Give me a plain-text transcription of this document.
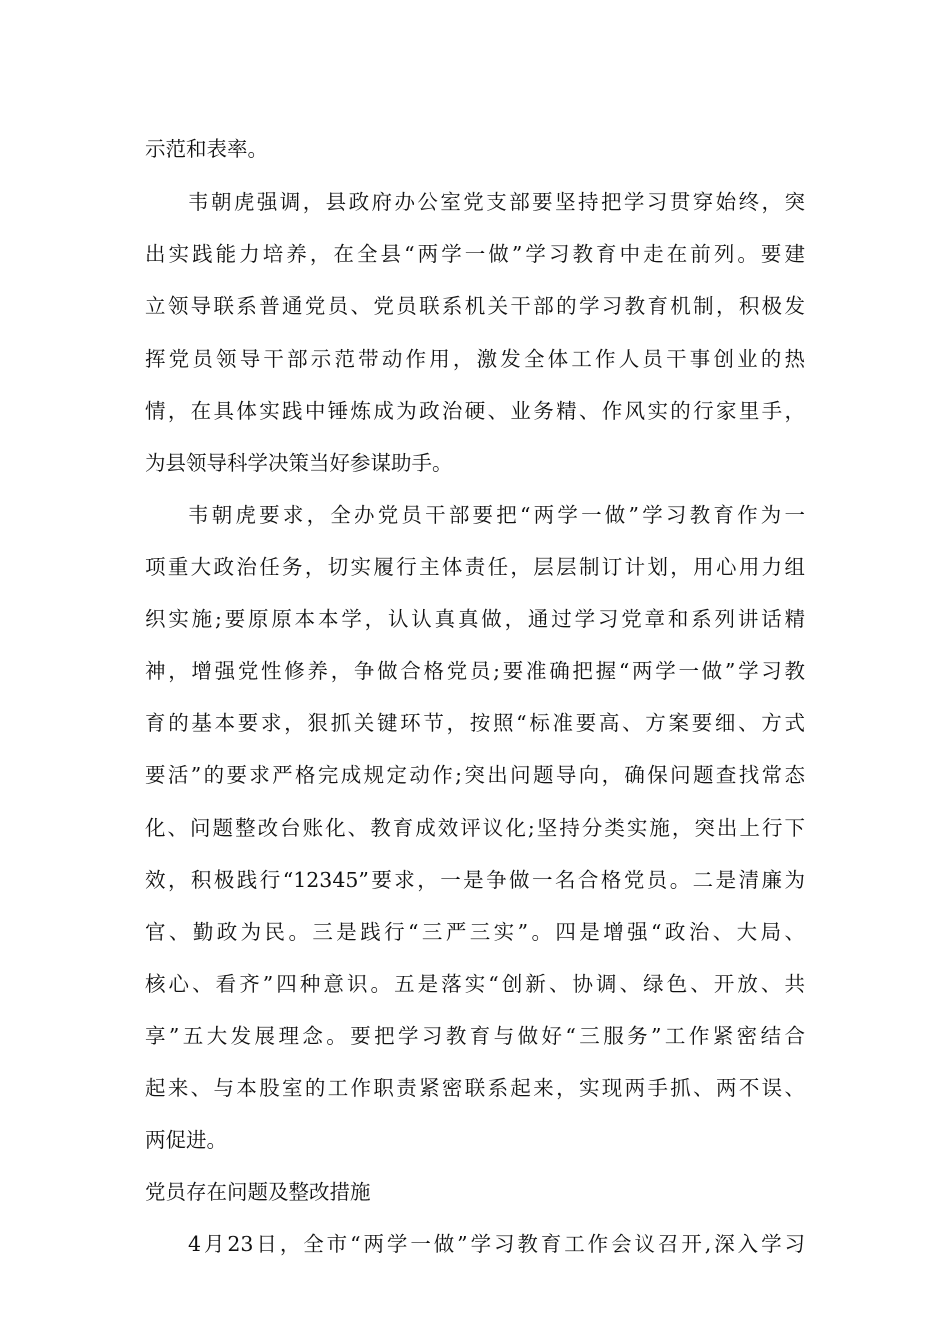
示范和表率。
韦朝虎强调，县政府办公室党支部要坚持把学习贯穿始终，突
出实践能力培养，在全县“两学一做”学习教育中走在前列。要建
立领导联系普通党员、党员联系机关干部的学习教育机制，积极发
挥党员领导干部示范带动作用，激发全体工作人员干事创业的热
情，在具体实践中锤炼成为政治硬、业务精、作风实的行家里手，
为县领导科学决策当好参谋助手。
韦朝虎要求，全办党员干部要把“两学一做”学习教育作为一
项重大政治任务，切实履行主体责任，层层制订计划，用心用力组
织实施;要原原本本学，认认真真做，通过学习党章和系列讲话精
神，增强党性修养，争做合格党员;要准确把握“两学一做”学习教
育的基本要求，狠抓关键环节，按照“标准要高、方案要细、方式
要活”的要求严格完成规定动作;突出问题导向，确保问题查找常态
化、问题整改台账化、教育成效评议化;坚持分类实施，突出上行下
效，积极践行“12345”要求，一是争做一名合格党员。二是清廉为
官、勤政为民。三是践行“三严三实”。四是增强“政治、大局、
核心、看齐”四种意识。五是落实“创新、协调、绿色、开放、共
享”五大发展理念。要把学习教育与做好“三服务”工作紧密结合
起来、与本股室的工作职责紧密联系起来，实现两手抓、两不误、
两促进。
党员存在问题及整改措施
4月23日，全市“两学一做”学习教育工作会议召开,深入学习
